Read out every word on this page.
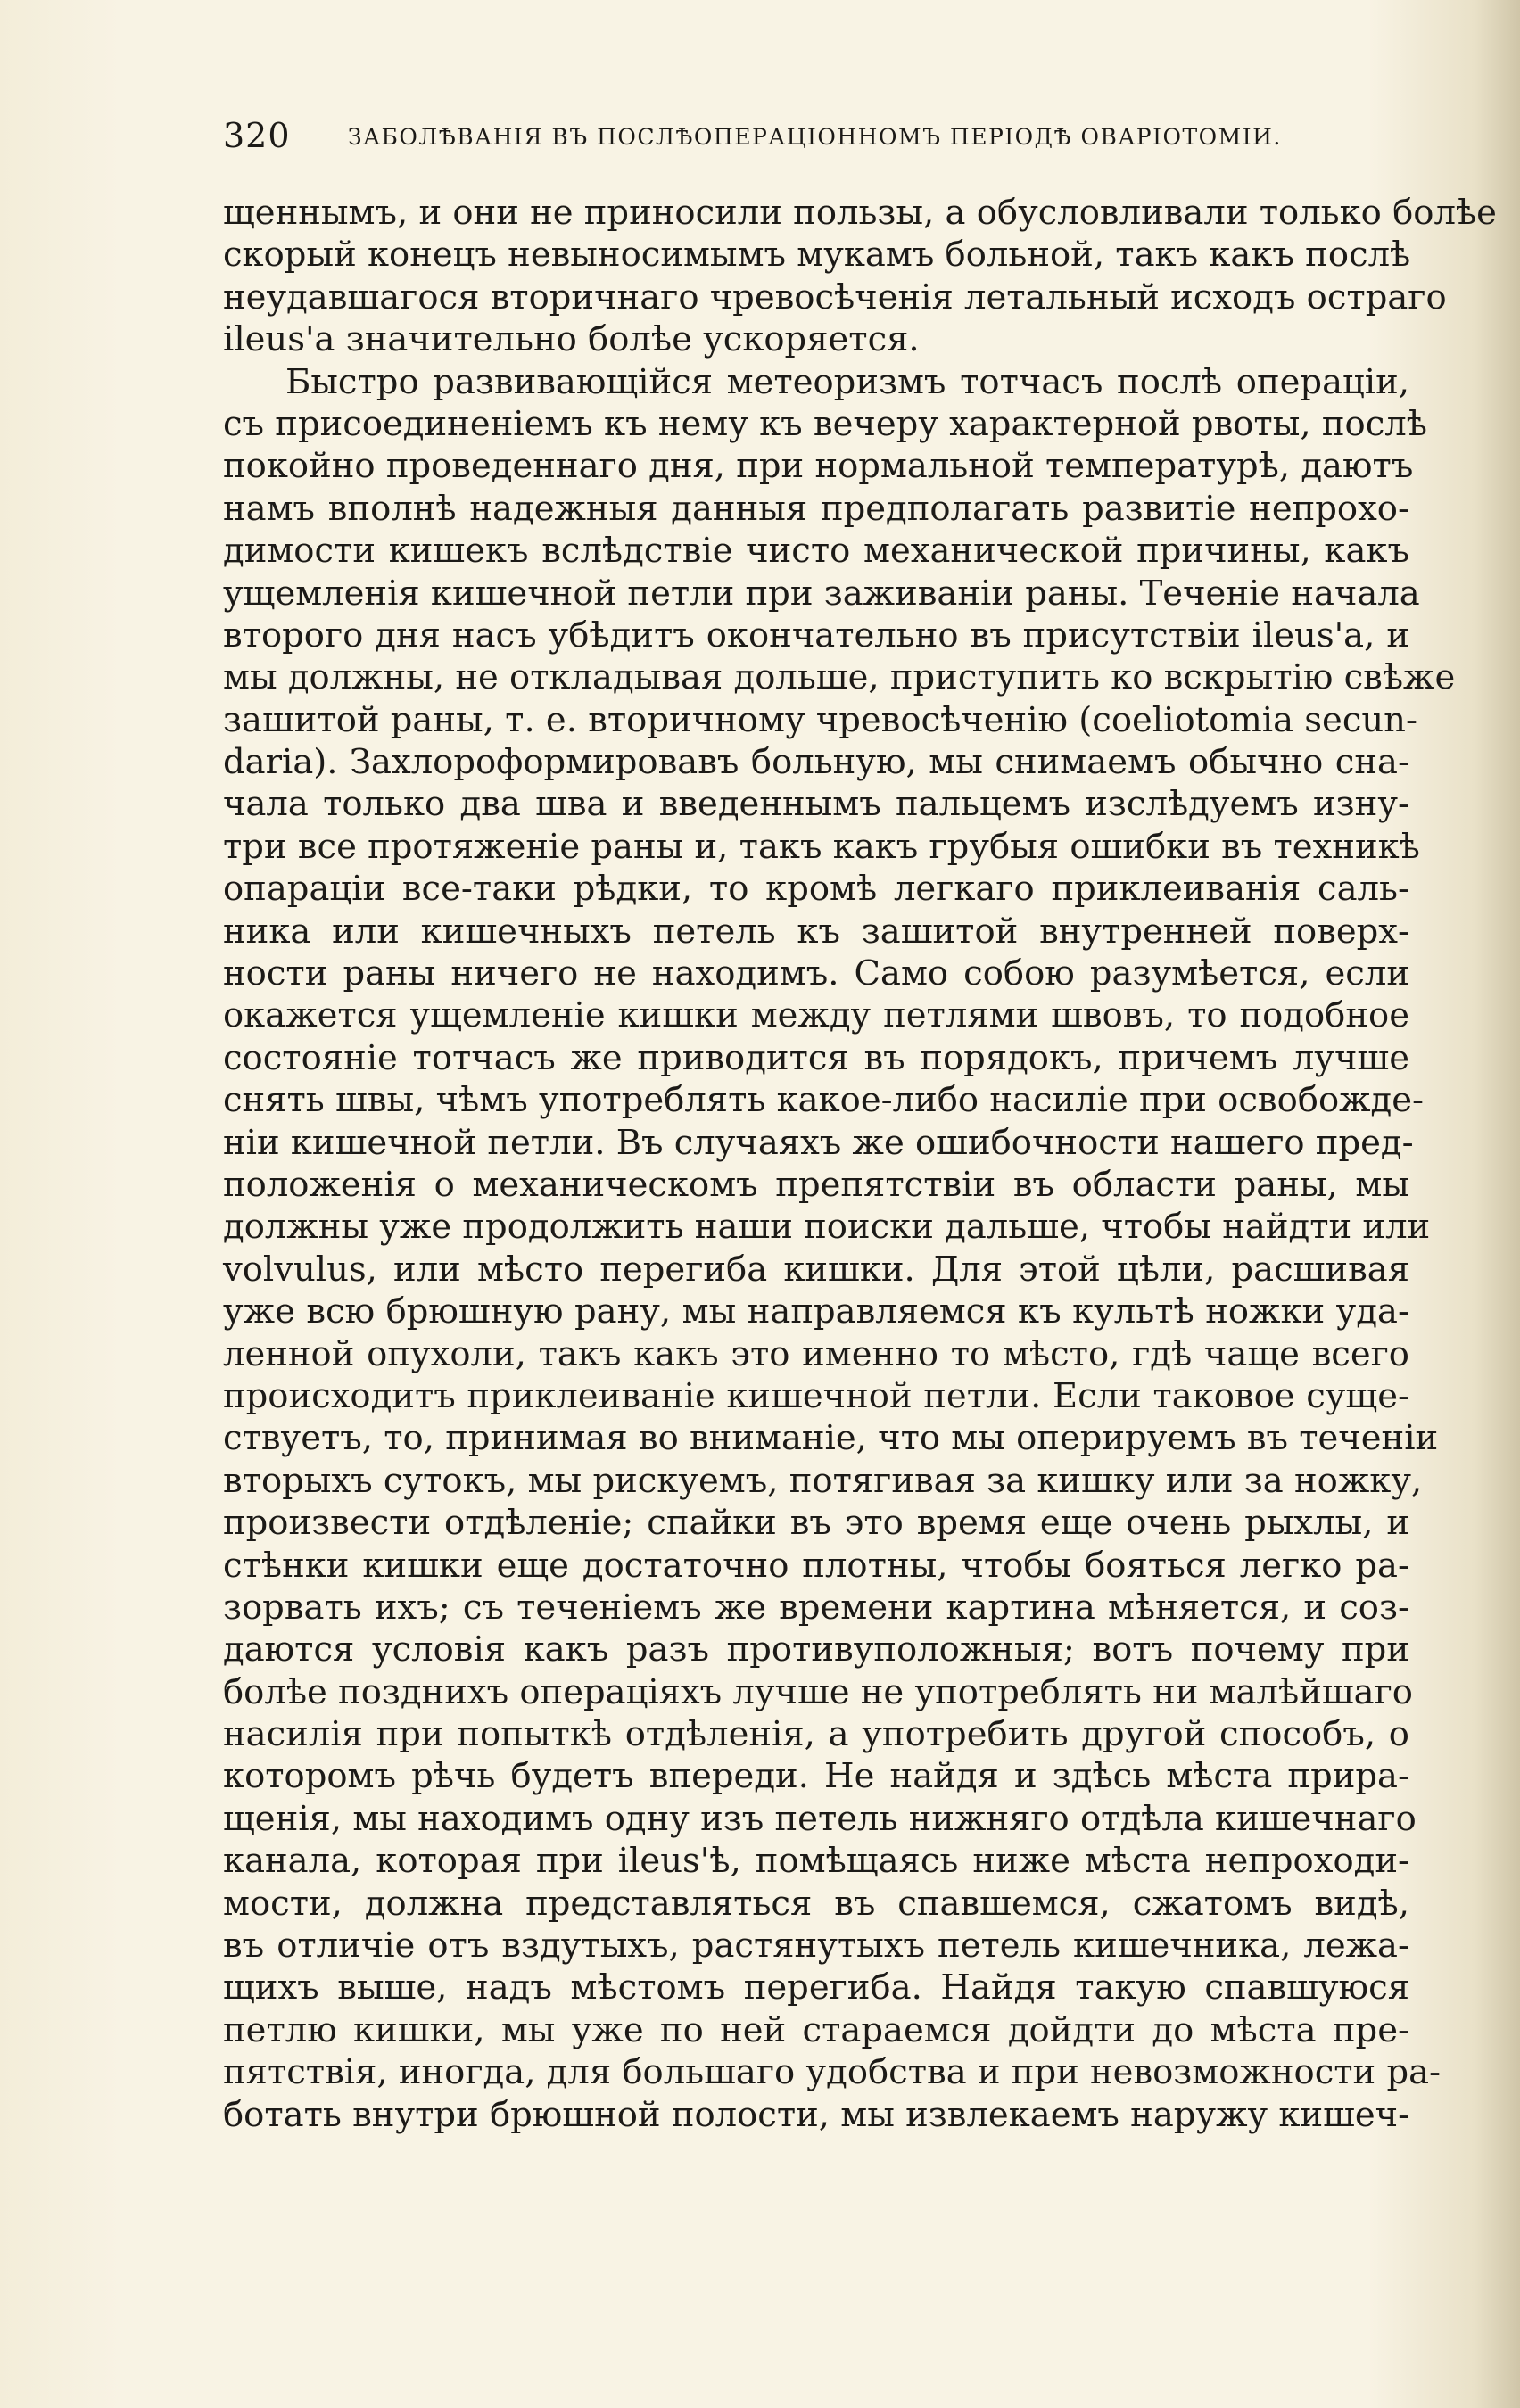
320	ЗАБОЛѢВАНІЯ ВЪ ПОСЛѢОПЕРАЦІОННОМЪ ПЕРІОДѢ ОВАРІОТОМІИ.
щеннымъ, и они не приносили пользы, а обусловливали только болѣе
скорый конецъ невыносимымъ мукамъ больной, такъ какъ послѣ
неудавшагося вторичнаго чревосѣченія летальный исходъ остраго
ileus'а значительно болѣе ускоряется.
Быстро развивающійся метеоризмъ тотчасъ послѣ операціи,
съ присоединеніемъ къ нему къ вечеру характерной рвоты, послѣ
покойно проведеннаго дня, при нормальной температурѣ, даютъ
намъ вполнѣ надежныя данныя предполагать развитіе непрохо-
димости кишекъ вслѣдствіе чисто механической причины, какъ
ущемленія кишечной петли при заживаніи раны. Теченіе начала
второго дня насъ убѣдитъ окончательно въ присутствіи ileus'а, и
мы должны, не откладывая дольше, приступить ко вскрытію свѣже
зашитой раны, т. е. вторичному чревосѣченію (coeliotomia secun-
daria). Захлороформировавъ больную, мы снимаемъ обычно сна-
чала только два шва и введеннымъ пальцемъ изслѣдуемъ изну-
три все протяженіе раны и, такъ какъ грубыя ошибки въ техникѣ
опараціи все-таки рѣдки, то кромѣ легкаго приклеиванія саль-
ника или кишечныхъ петель къ зашитой внутренней поверх-
ности раны ничего не находимъ. Само собою разумѣется, если
окажется ущемленіе кишки между петлями швовъ, то подобное
состояніе тотчасъ же приводится въ порядокъ, причемъ лучше
снять швы, чѣмъ употреблять какое-либо насиліе при освобожде-
ніи кишечной петли. Въ случаяхъ же ошибочности нашего пред-
положенія о механическомъ препятствіи въ области раны, мы
должны уже продолжить наши поиски дальше, чтобы найдти или
volvulus, или мѣсто перегиба кишки. Для этой цѣли, расшивая
уже всю брюшную рану, мы направляемся къ культѣ ножки уда-
ленной опухоли, такъ какъ это именно то мѣсто, гдѣ чаще всего
происходитъ приклеиваніе кишечной петли. Если таковое суще-
ствуетъ, то, принимая во вниманіе, что мы оперируемъ въ теченіи
вторыхъ сутокъ, мы рискуемъ, потягивая за кишку или за ножку,
произвести отдѣленіе; спайки въ это время еще очень рыхлы, и
стѣнки кишки еще достаточно плотны, чтобы бояться легко ра-
зорвать ихъ; съ теченіемъ же времени картина мѣняется, и соз-
даются условія какъ разъ противуположныя; вотъ почему при
болѣе позднихъ операціяхъ лучше не употреблять ни малѣйшаго
насилія при попыткѣ отдѣленія, а употребить другой способъ, о
которомъ рѣчь будетъ впереди. Не найдя и здѣсь мѣста прира-
щенія, мы находимъ одну изъ петель нижняго отдѣла кишечнаго
канала, которая при ileus'ѣ, помѣщаясь ниже мѣста непроходи-
мости, должна представляться въ спавшемся, сжатомъ видѣ,
въ отличіе отъ вздутыхъ, растянутыхъ петель кишечника, лежа-
щихъ выше, надъ мѣстомъ перегиба. Найдя такую спавшуюся
петлю кишки, мы уже по ней стараемся дойдти до мѣста пре-
пятствія, иногда, для большаго удобства и при невозможности ра-
ботать внутри брюшной полости, мы извлекаемъ наружу кишеч-
